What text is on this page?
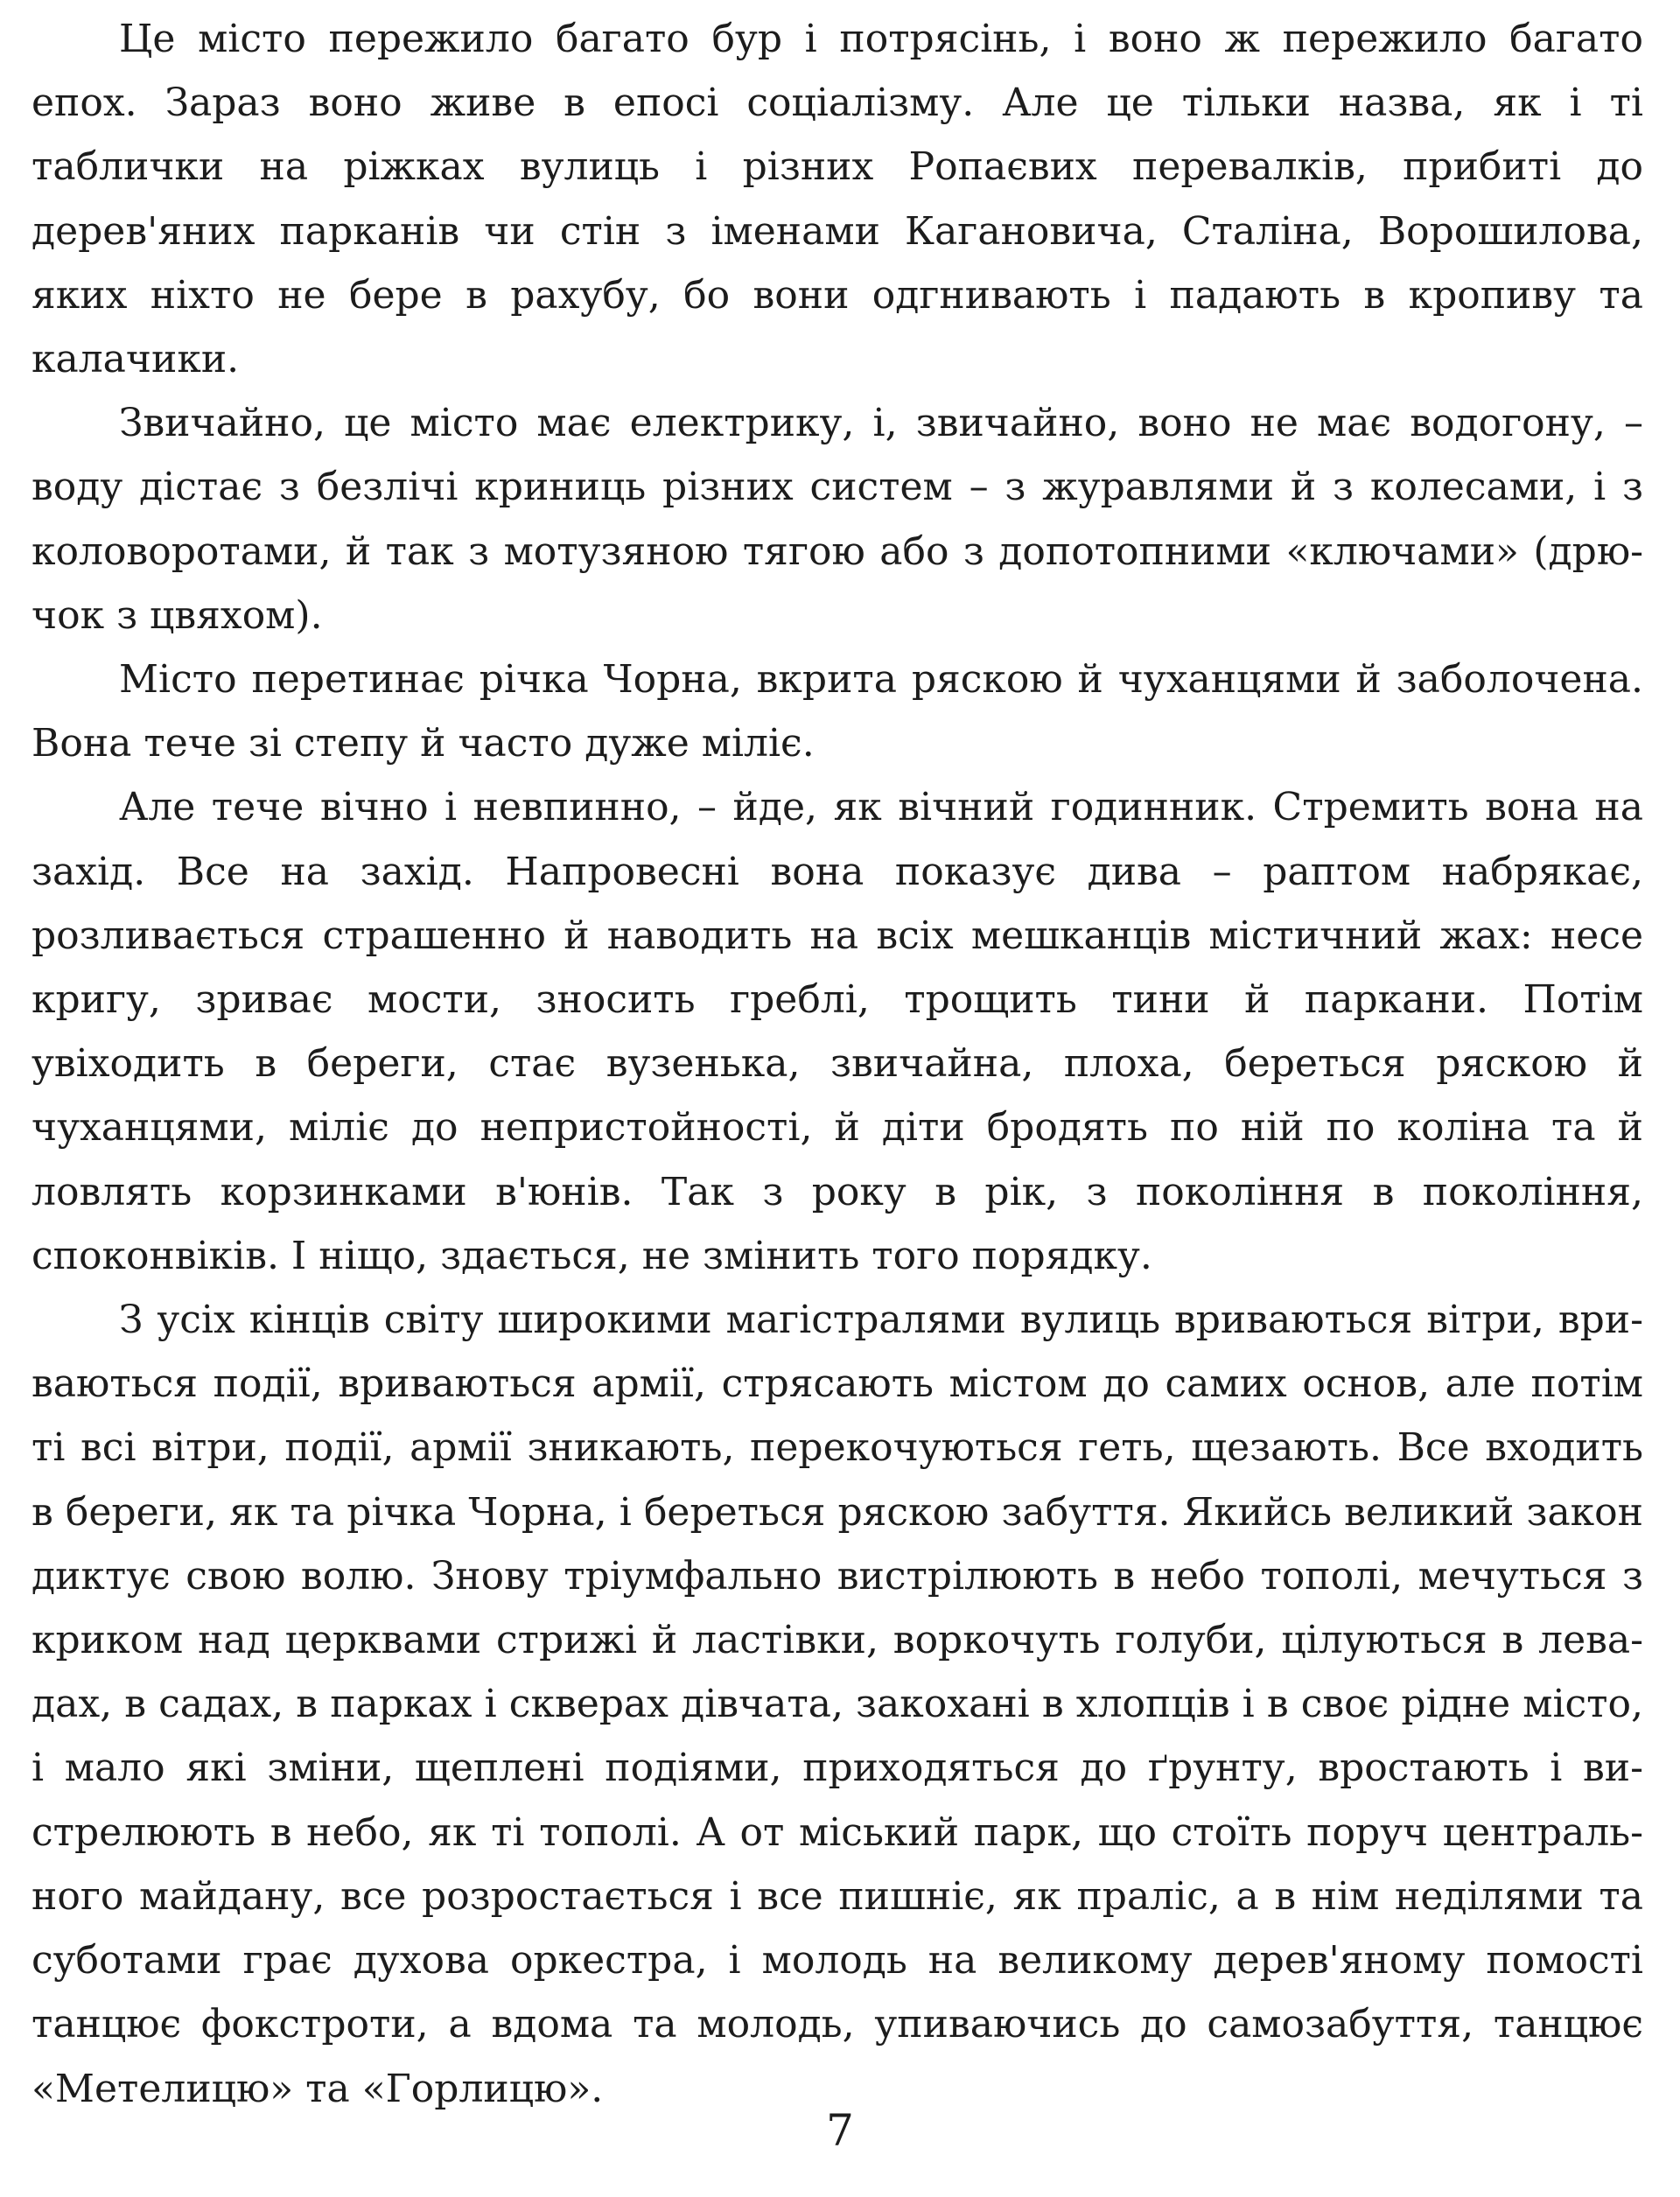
Це місто пережило багато бур і потрясінь, і воно ж пережило багато епох. Зараз воно живе в епосі соціалізму. Але це тільки назва, як і ті таблички на ріжках вулиць і різних Ропаєвих перевалків, прибиті до дерев'яних парканів чи стін з іменами Кагановича, Сталіна, Ворошилова, яких ніхто не бере в рахубу, бо вони одгнивають і падають в кропиву та калачики.

Звичайно, це місто має електрику, і, звичайно, воно не має водогону, – воду дістає з безлічі криниць різних систем – з журавлями й з колесами, і з коловоротами, й так з мотузяною тягою або з допотопними «ключами» (дрючок з цвяхом).

Місто перетинає річка Чорна, вкрита ряскою й чуханцями й заболочена. Вона тече зі степу й часто дуже міліє.

Але тече вічно і невпинно, – йде, як вічний годинник. Стремить вона на захід. Все на захід. Напровесні вона показує дива – раптом набрякає, розливається страшенно й наводить на всіх мешканців містичний жах: несе кригу, зриває мости, зносить греблі, трощить тини й паркани. Потім увіходить в береги, стає вузенька, звичайна, плоха, береться ряскою й чуханцями, міліє до непристойності, й діти бродять по ній по коліна та й ловлять корзинками в'юнів. Так з року в рік, з покоління в покоління, споконвіків. І ніщо, здається, не змінить того порядку.

З усіх кінців світу широкими магістралями вулиць вриваються вітри, вриваються події, вриваються армії, стрясають містом до самих основ, але потім ті всі вітри, події, армії зникають, перекочуються геть, щезають. Все входить в береги, як та річка Чорна, і береться ряскою забуття. Якийсь великий закон диктує свою волю. Знову тріумфально вистрілюють в небо тополі, мечуться з криком над церквами стрижі й ластівки, воркочуть голуби, цілуються в левадах, в садах, в парках і скверах дівчата, закохані в хлопців і в своє рідне місто, і мало які зміни, щеплені подіями, приходяться до ґрунту, вростають і вистрелюють в небо, як ті тополі. А от міський парк, що стоїть поруч центрального майдану, все розростається і все пишніє, як праліс, а в нім неділями та суботами грає духова оркестра, і молодь на великому дерев'яному помості танцює фокстроти, а вдома та молодь, упиваючись до самозабуття, танцює «Метелицю» та «Горлицю».

7
